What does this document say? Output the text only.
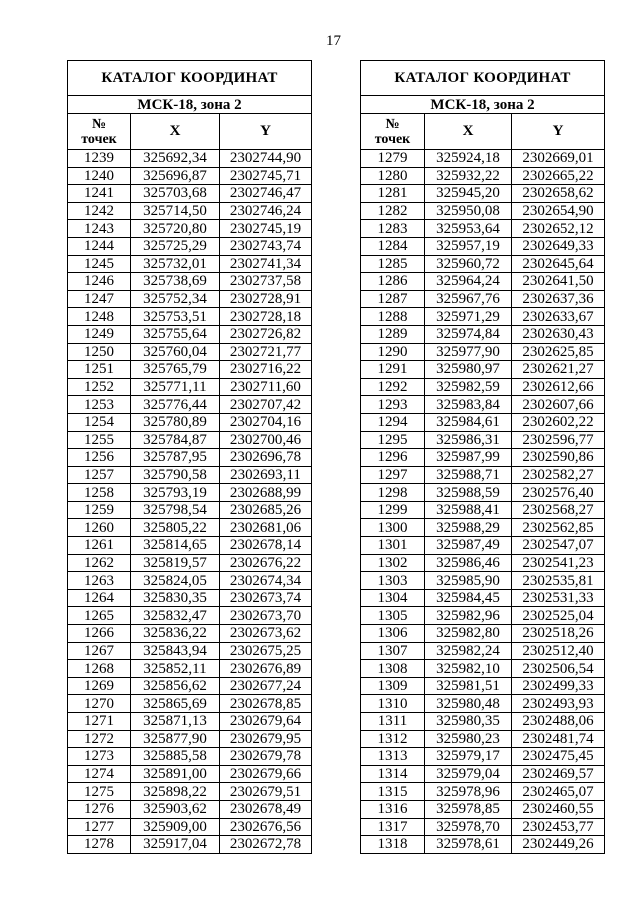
17
КАТАЛОГ КООРДИНАТ		
МСК-18, зона 2		

№
точек	X	Y
1239	325692,34	2302744,90
1240	325696,87	2302745,71
1241	325703,68	2302746,47
1242	325714,50	2302746,24
1243	325720,80	2302745,19
1244	325725,29	2302743,74
1245	325732,01	2302741,34
1246	325738,69	2302737,58
1247	325752,34	2302728,91
1248	325753,51	2302728,18
1249	325755,64	2302726,82
1250	325760,04	2302721,77
1251	325765,79	2302716,22
1252	325771,11	2302711,60
1253	325776,44	2302707,42
1254	325780,89	2302704,16
1255	325784,87	2302700,46
1256	325787,95	2302696,78
1257	325790,58	2302693,11
1258	325793,19	2302688,99
1259	325798,54	2302685,26
1260	325805,22	2302681,06
1261	325814,65	2302678,14
1262	325819,57	2302676,22
1263	325824,05	2302674,34
1264	325830,35	2302673,74
1265	325832,47	2302673,70
1266	325836,22	2302673,62
1267	325843,94	2302675,25
1268	325852,11	2302676,89
1269	325856,62	2302677,24
1270	325865,69	2302678,85
1271	325871,13	2302679,64
1272	325877,90	2302679,95
1273	325885,58	2302679,78
1274	325891,00	2302679,66
1275	325898,22	2302679,51
1276	325903,62	2302678,49
1277	325909,00	2302676,56
1278	325917,04	2302672,78
КАТАЛОГ КООРДИНАТ		
МСК-18, зона 2		

№
точек	X	Y
1279	325924,18	2302669,01
1280	325932,22	2302665,22
1281	325945,20	2302658,62
1282	325950,08	2302654,90
1283	325953,64	2302652,12
1284	325957,19	2302649,33
1285	325960,72	2302645,64
1286	325964,24	2302641,50
1287	325967,76	2302637,36
1288	325971,29	2302633,67
1289	325974,84	2302630,43
1290	325977,90	2302625,85
1291	325980,97	2302621,27
1292	325982,59	2302612,66
1293	325983,84	2302607,66
1294	325984,61	2302602,22
1295	325986,31	2302596,77
1296	325987,99	2302590,86
1297	325988,71	2302582,27
1298	325988,59	2302576,40
1299	325988,41	2302568,27
1300	325988,29	2302562,85
1301	325987,49	2302547,07
1302	325986,46	2302541,23
1303	325985,90	2302535,81
1304	325984,45	2302531,33
1305	325982,96	2302525,04
1306	325982,80	2302518,26
1307	325982,24	2302512,40
1308	325982,10	2302506,54
1309	325981,51	2302499,33
1310	325980,48	2302493,93
1311	325980,35	2302488,06
1312	325980,23	2302481,74
1313	325979,17	2302475,45
1314	325979,04	2302469,57
1315	325978,96	2302465,07
1316	325978,85	2302460,55
1317	325978,70	2302453,77
1318	325978,61	2302449,26
